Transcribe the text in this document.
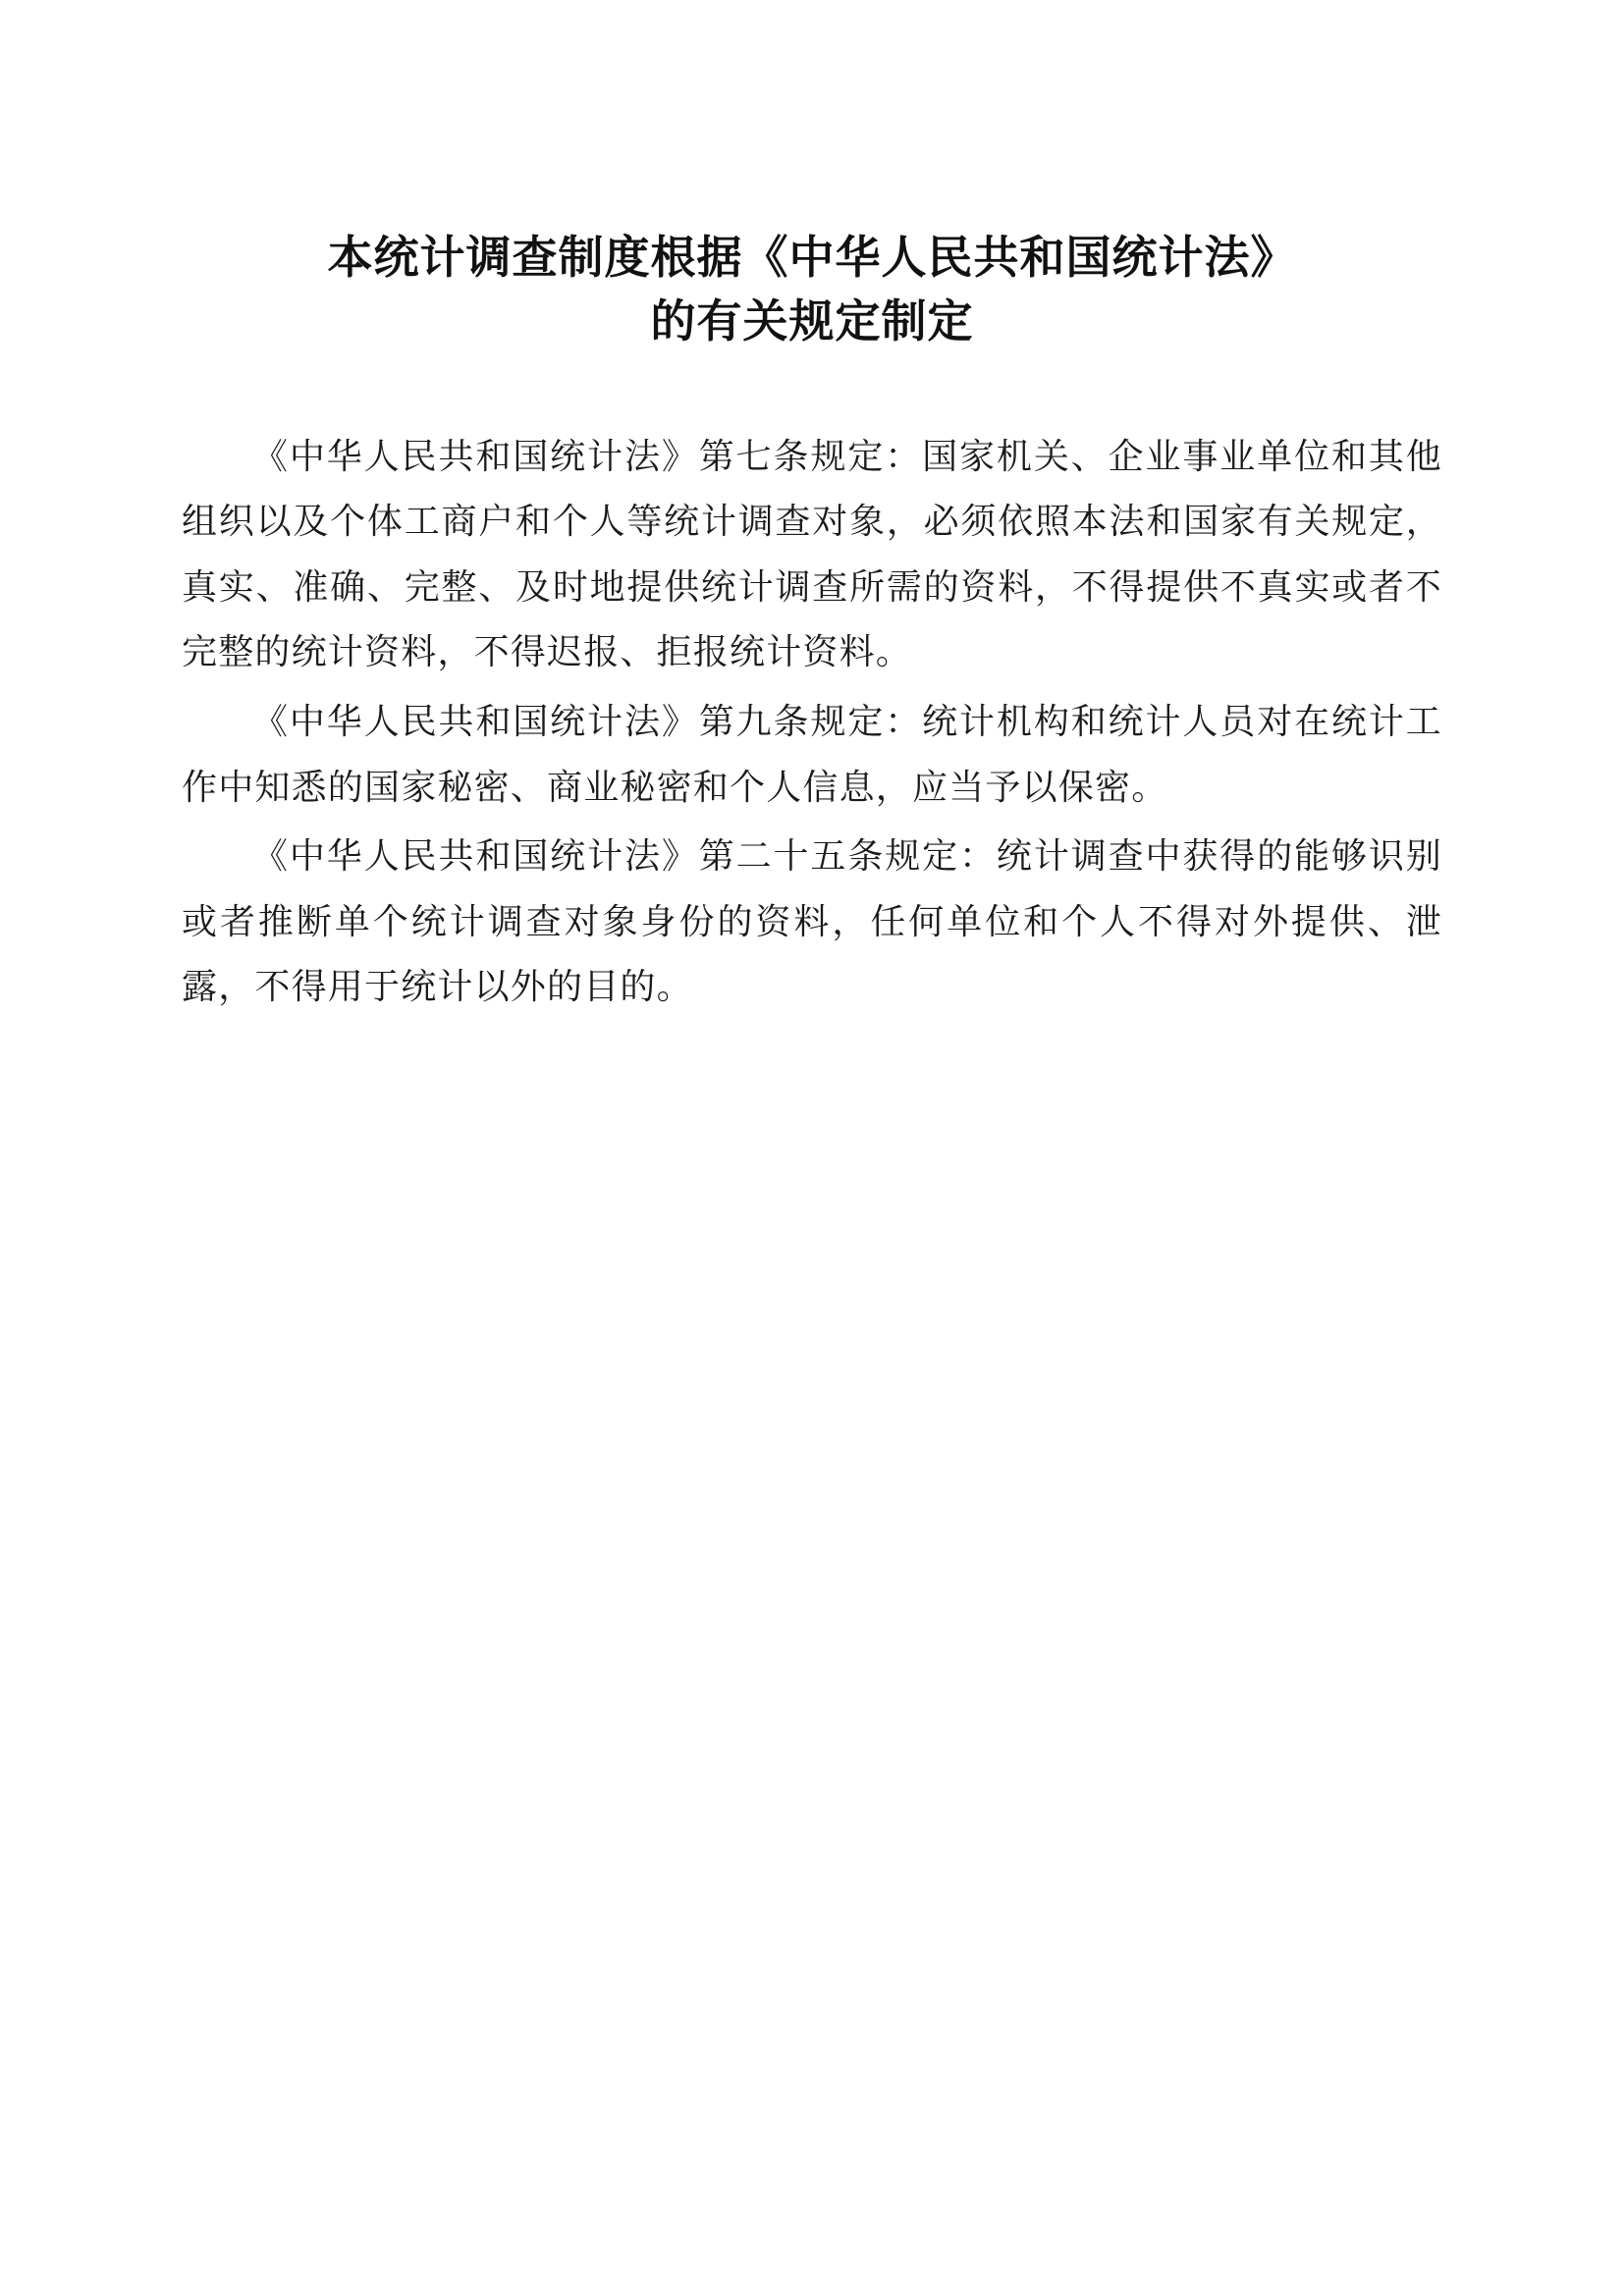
本统计调查制度根据《中华人民共和国统计法》
的有关规定制定

《中华人民共和国统计法》第七条规定：国家机关、企业事业单位和其他组织以及个体工商户和个人等统计调查对象，必须依照本法和国家有关规定，真实、准确、完整、及时地提供统计调查所需的资料，不得提供不真实或者不完整的统计资料，不得迟报、拒报统计资料。

《中华人民共和国统计法》第九条规定：统计机构和统计人员对在统计工作中知悉的国家秘密、商业秘密和个人信息，应当予以保密。

《中华人民共和国统计法》第二十五条规定：统计调查中获得的能够识别或者推断单个统计调查对象身份的资料，任何单位和个人不得对外提供、泄露，不得用于统计以外的目的。
